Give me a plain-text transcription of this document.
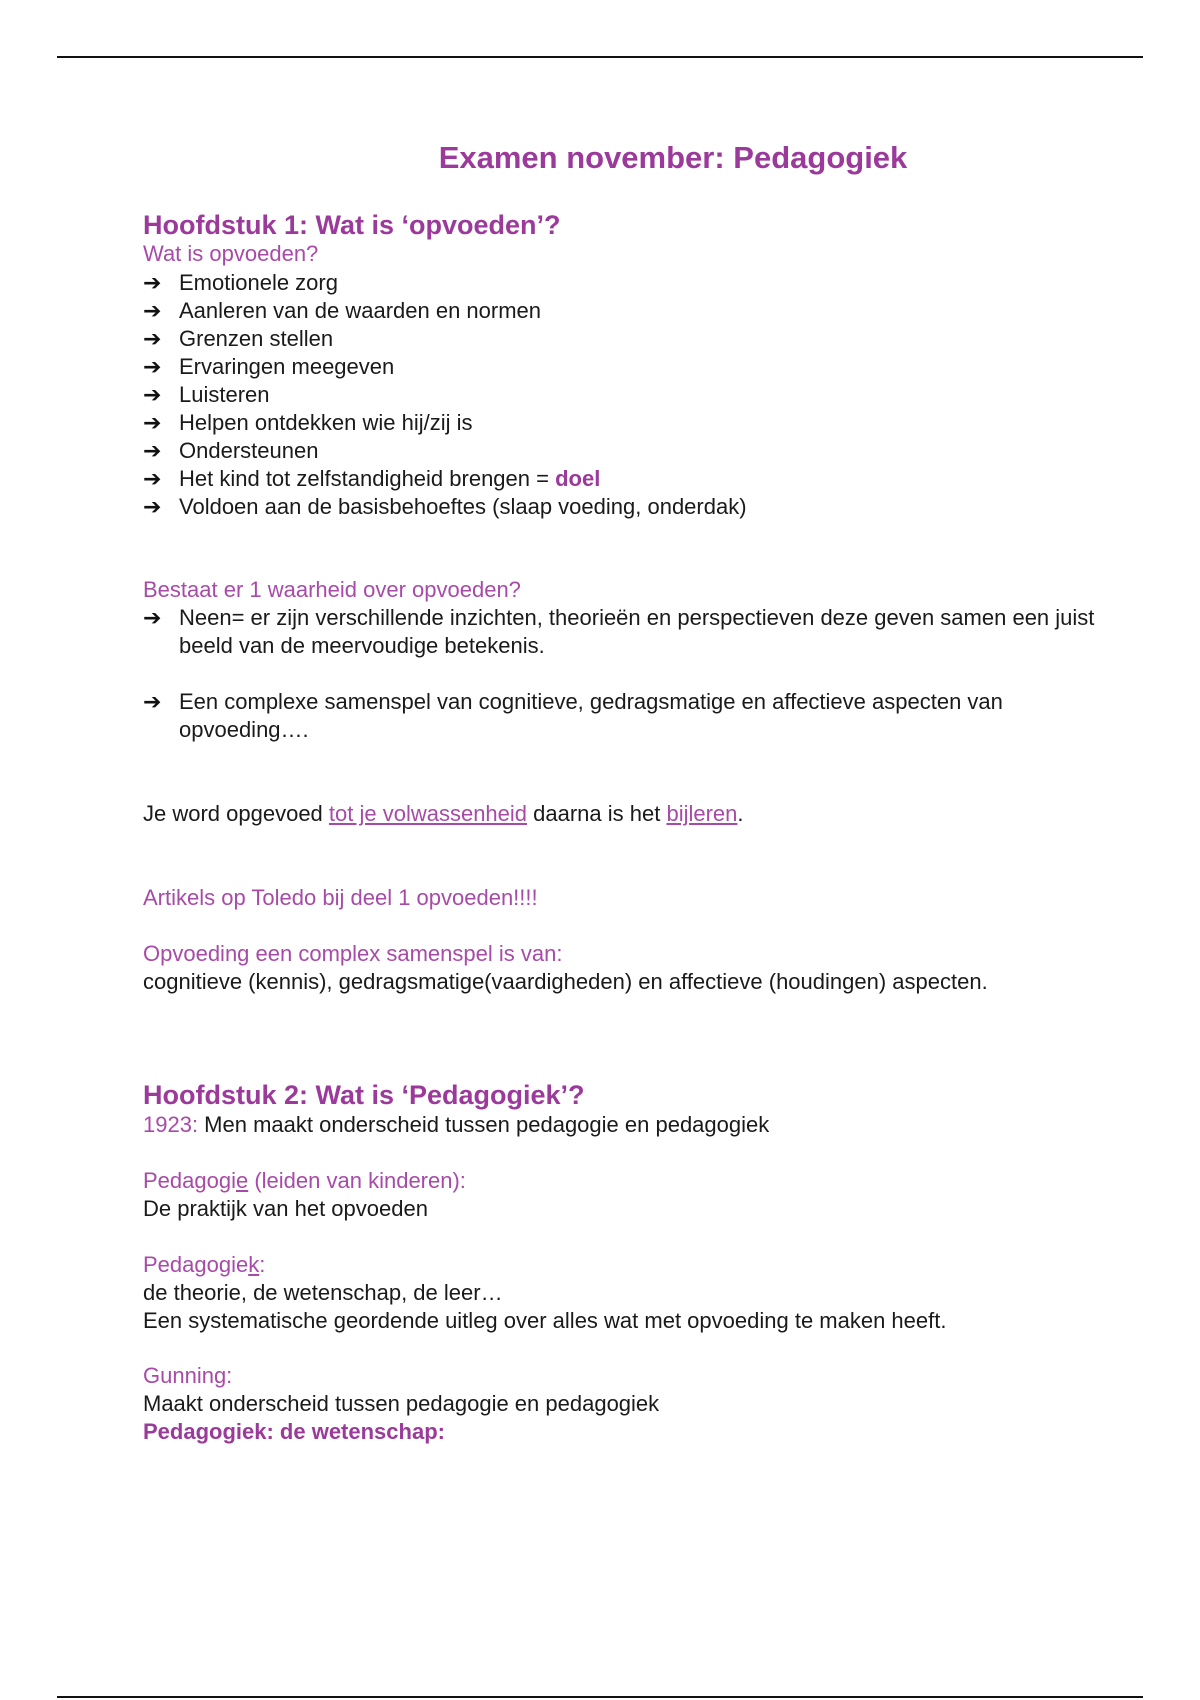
Examen november: Pedagogiek
Hoofdstuk 1: Wat is ‘opvoeden’?
Wat is opvoeden?
➔ Emotionele zorg
➔ Aanleren van de waarden en normen
➔ Grenzen stellen
➔ Ervaringen meegeven
➔ Luisteren
➔ Helpen ontdekken wie hij/zij is
➔ Ondersteunen
➔ Het kind tot zelfstandigheid brengen = doel
➔ Voldoen aan de basisbehoeftes (slaap voeding, onderdak)
Bestaat er 1 waarheid over opvoeden?
➔ Neen= er zijn verschillende inzichten, theorieën en perspectieven deze geven samen een juist beeld van de meervoudige betekenis.
➔ Een complexe samenspel van cognitieve, gedragsmatige en affectieve aspecten van opvoeding….
Je word opgevoed tot je volwassenheid daarna is het bijleren.
Artikels op Toledo bij deel 1 opvoeden!!!!
Opvoeding een complex samenspel is van:
cognitieve (kennis), gedragsmatige(vaardigheden) en affectieve (houdingen) aspecten.
Hoofdstuk 2: Wat is ‘Pedagogiek’?
1923: Men maakt onderscheid tussen pedagogie en pedagogiek
Pedagogie (leiden van kinderen):
De praktijk van het opvoeden
Pedagogiek:
de theorie, de wetenschap, de leer…
Een systematische geordende uitleg over alles wat met opvoeding te maken heeft.
Gunning:
Maakt onderscheid tussen pedagogie en pedagogiek
Pedagogiek: de wetenschap:
